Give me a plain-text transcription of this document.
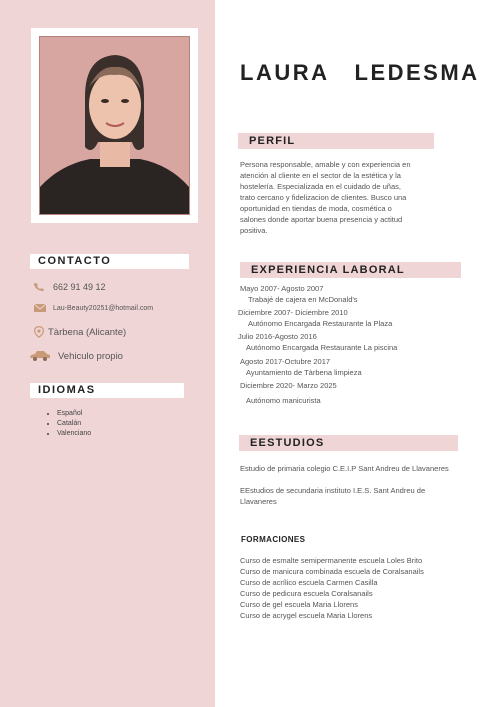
CONTACTO
662 91 49 12
Lau-Beauty20251@hotmail.com
Tàrbena (Alicante)
Vehiculo propio
IDIOMAS
• Español
• Catalán
• Valenciano
LAURA   LEDESMA
PERFIL
Persona responsable, amable y con experiencia en atención al cliente en el sector de la estética y la hostelería. Especializada en el cuidado de uñas, trato cercano y fidelizacion de clientes. Busco una oportunidad en tiendas de moda, cosmética o salones donde aportar buena presencia y actitud positiva.
EXPERIENCIA LABORAL
Mayo 2007- Agosto 2007
Trabajé de cajera en McDonald's
Diciembre 2007- Diciembre 2010
Autónomo Encargada Restaurante la Plaza
Julio 2016-Agosto 2016
Autónomo Encargada Restaurante La piscina
Agosto 2017-Octubre 2017
Ayuntamiento de Tàrbena limpieza
Diciembre 2020- Marzo 2025
Autónomo manicurista
EESTUDIOS
Estudio de primaria colegio C.E.I.P Sant Andreu de Llavaneres
EEstudios de secundaria instituto I.E.S. Sant Andreu de Llavaneres
FORMACIONES
Curso de esmalte semipermanente escuela Loles Brito
Curso de manicura combinada escuela de Coralsanails
Curso de acrílico escuela Carmen Casilla
Curso de pedicura escuela Coralsanails
Curso de gel escuela Maria Llorens
Curso de acrygel escuela Maria Llorens
